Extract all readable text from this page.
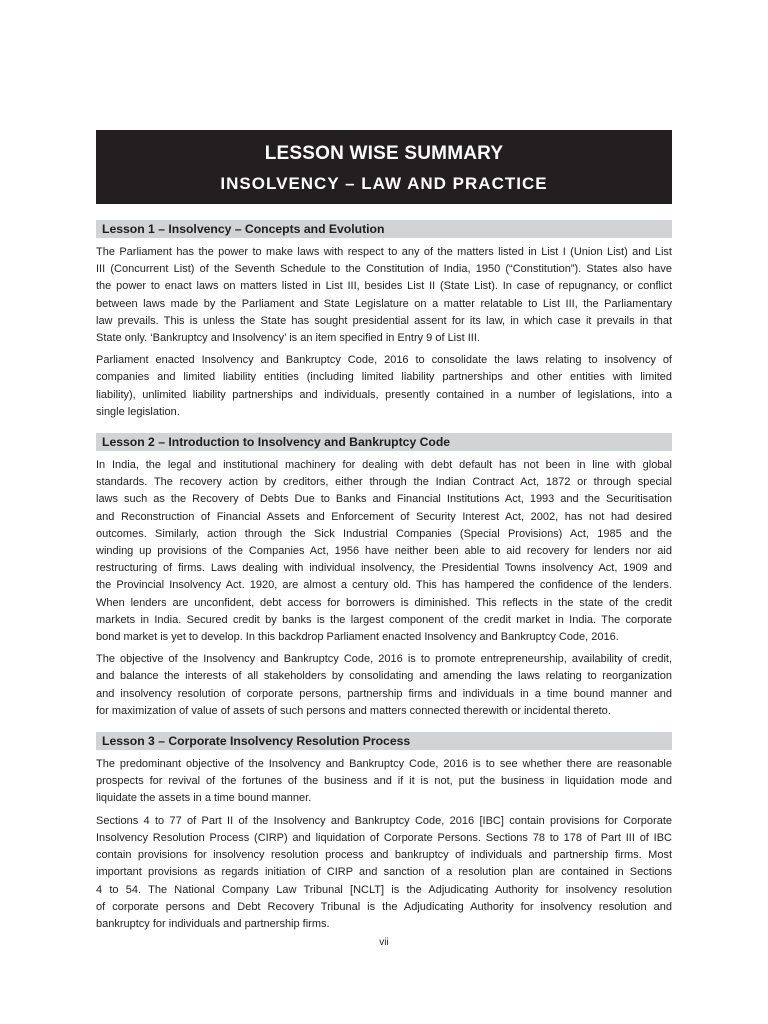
LESSON WISE SUMMARY
INSOLVENCY – LAW AND PRACTICE
Lesson 1 – Insolvency – Concepts and Evolution
The Parliament has the power to make laws with respect to any of the matters listed in List I (Union List) and List
III (Concurrent List) of the Seventh Schedule to the Constitution of India, 1950 (“Constitution”). States also have
the power to enact laws on matters listed in List III, besides List II (State List). In case of repugnancy, or conflict
between laws made by the Parliament and State Legislature on a matter relatable to List III, the Parliamentary
law prevails. This is unless the State has sought presidential assent for its law, in which case it prevails in that
State only. ‘Bankruptcy and Insolvency’ is an item specified in Entry 9 of List III.
Parliament enacted Insolvency and Bankruptcy Code, 2016 to consolidate the laws relating to insolvency of
companies and limited liability entities (including limited liability partnerships and other entities with limited
liability), unlimited liability partnerships and individuals, presently contained in a number of legislations, into a
single legislation.
Lesson 2 – Introduction to Insolvency and Bankruptcy Code
In India, the legal and institutional machinery for dealing with debt default has not been in line with global
standards. The recovery action by creditors, either through the Indian Contract Act, 1872 or through special
laws such as the Recovery of Debts Due to Banks and Financial Institutions Act, 1993 and the Securitisation
and Reconstruction of Financial Assets and Enforcement of Security Interest Act, 2002, has not had desired
outcomes. Similarly, action through the Sick Industrial Companies (Special Provisions) Act, 1985 and the
winding up provisions of the Companies Act, 1956 have neither been able to aid recovery for lenders nor aid
restructuring of firms. Laws dealing with individual insolvency, the Presidential Towns insolvency Act, 1909 and
the Provincial Insolvency Act. 1920, are almost a century old. This has hampered the confidence of the lenders.
When lenders are unconfident, debt access for borrowers is diminished. This reflects in the state of the credit
markets in India. Secured credit by banks is the largest component of the credit market in India. The corporate
bond market is yet to develop. In this backdrop Parliament enacted Insolvency and Bankruptcy Code, 2016.
The objective of the Insolvency and Bankruptcy Code, 2016 is to promote entrepreneurship, availability of credit,
and balance the interests of all stakeholders by consolidating and amending the laws relating to reorganization
and insolvency resolution of corporate persons, partnership firms and individuals in a time bound manner and
for maximization of value of assets of such persons and matters connected therewith or incidental thereto.
Lesson 3 – Corporate Insolvency Resolution Process
The predominant objective of the Insolvency and Bankruptcy Code, 2016 is to see whether there are reasonable
prospects for revival of the fortunes of the business and if it is not, put the business in liquidation mode and
liquidate the assets in a time bound manner.
Sections 4 to 77 of Part II of the Insolvency and Bankruptcy Code, 2016 [IBC] contain provisions for Corporate
Insolvency Resolution Process (CIRP) and liquidation of Corporate Persons. Sections 78 to 178 of Part III of IBC
contain provisions for insolvency resolution process and bankruptcy of individuals and partnership firms. Most
important provisions as regards initiation of CIRP and sanction of a resolution plan are contained in Sections
4 to 54. The National Company Law Tribunal [NCLT] is the Adjudicating Authority for insolvency resolution
of corporate persons and Debt Recovery Tribunal is the Adjudicating Authority for insolvency resolution and
bankruptcy for individuals and partnership firms.
vii
